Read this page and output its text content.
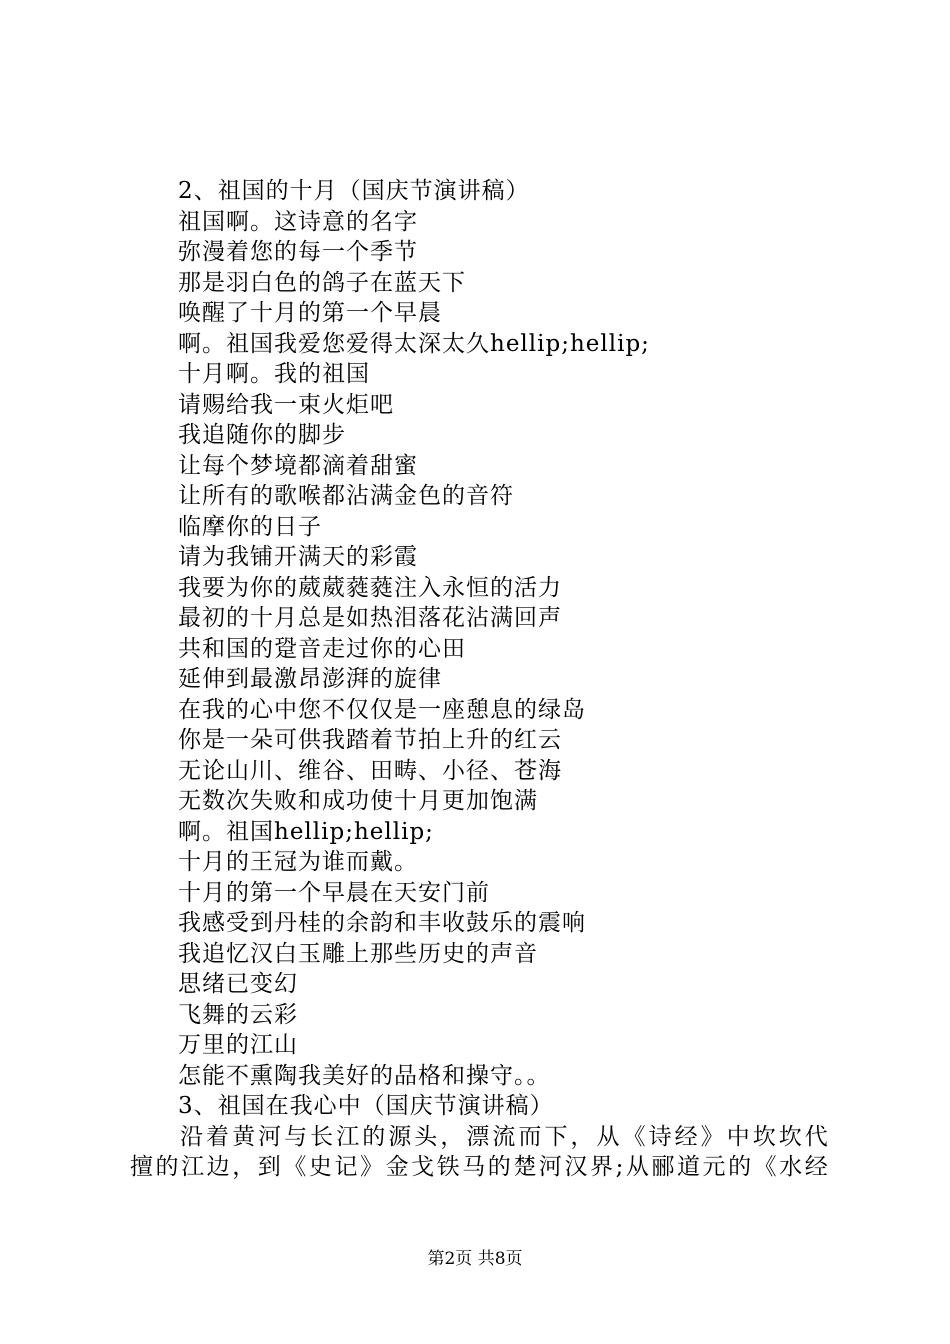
2、祖国的十月（国庆节演讲稿）
祖国啊。这诗意的名字
弥漫着您的每一个季节
那是羽白色的鸽子在蓝天下
唤醒了十月的第一个早晨
啊。祖国我爱您爱得太深太久hellip;hellip;
十月啊。我的祖国
请赐给我一束火炬吧
我追随你的脚步
让每个梦境都滴着甜蜜
让所有的歌喉都沾满金色的音符
临摩你的日子
请为我铺开满天的彩霞
我要为你的葳葳蕤蕤注入永恒的活力
最初的十月总是如热泪落花沾满回声
共和国的跫音走过你的心田
延伸到最激昂澎湃的旋律
在我的心中您不仅仅是一座憩息的绿岛
你是一朵可供我踏着节拍上升的红云
无论山川、维谷、田畴、小径、苍海
无数次失败和成功使十月更加饱满
啊。祖国hellip;hellip;
十月的王冠为谁而戴。
十月的第一个早晨在天安门前
我感受到丹桂的余韵和丰收鼓乐的震响
我追忆汉白玉雕上那些历史的声音
思绪已变幻
飞舞的云彩
万里的江山
怎能不熏陶我美好的品格和操守。。
3、祖国在我心中（国庆节演讲稿）
沿着黄河与长江的源头，漂流而下，从《诗经》中坎坎代
擅的江边，到《史记》金戈铁马的楚河汉界;从郦道元的《水经
第2页 共8页
